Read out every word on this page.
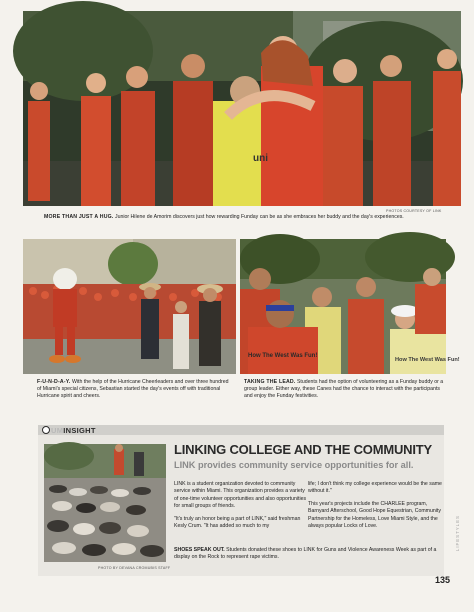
uni
PHOTOS COURTESY OF LINK
MORE THAN JUST A HUG. Junior Hilene de Amorim discovers just how rewarding Funday can be as she embraces her buddy and the day's experiences.
How The West Was Fun!
How The West Was Fun!
F-U-N-D-A-Y. With the help of the Hurricane Cheerleaders and over three hundred of Miami's special citizens, Sebastian started the day's events off with traditional Hurricane spirit and cheers.
TAKING THE LEAD. Students had the option of volunteering as a Funday buddy or a group leader. Either way, these Canes had the chance to interact with the participants and enjoy the Funday festivities.
UMINSIGHT
PHOTO BY DEVANA CROMUBIS STAFF
LINKING COLLEGE AND THE COMMUNITY
LINK provides community service opportunities for all.

LINK is a student organization devoted to community service within Miami. This organization provides a variety of one-time volunteer opportunities and also opportunities for small groups of friends.

"It's truly an honor being a part of LINK," said freshman Kesly Crum. "It has added so much to my

life; I don't think my college experience would be the same without it."

This year's projects include the CHARLEE program, Barnyard Afterschool, Good Hope Equestrian, Community Partnership for the Homeless, Love Miami Style, and the always popular Locks of Love.

SHOES SPEAK OUT. Students donated these shoes to LINK for Guns and Violence Awareness Week as part of a display on the Rock to represent rape victims.
LIFESTYLES
135
